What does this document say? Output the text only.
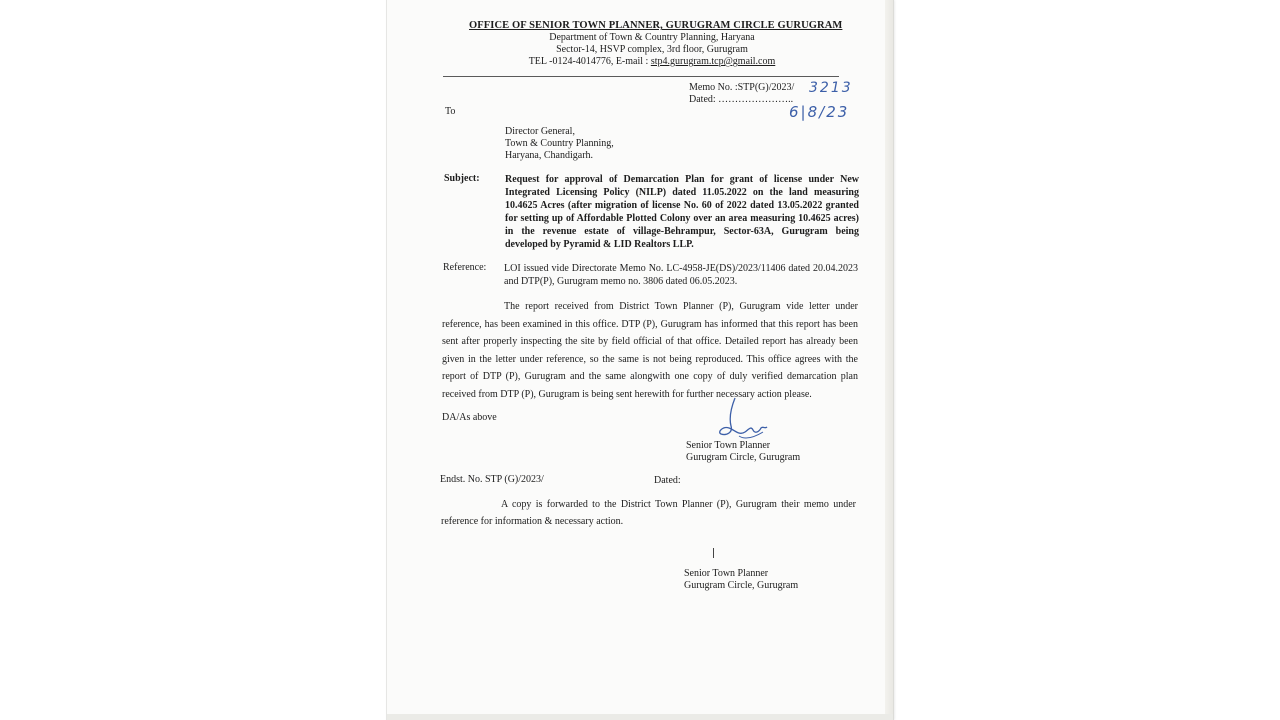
OFFICE OF SENIOR TOWN PLANNER, GURUGRAM CIRCLE GURUGRAM
Department of Town & Country Planning, Haryana
Sector-14, HSVP complex, 3rd floor, Gurugram
TEL -0124-4014776, E-mail : stp4.gurugram.tcp@gmail.com
Memo No. :STP(G)/2023/ 3213
Dated: …………………..
6|8/23
To
Director General,
Town & Country Planning,
Haryana, Chandigarh.
Subject:	Request for approval of Demarcation Plan for grant of license under New Integrated Licensing Policy (NILP) dated 11.05.2022 on the land measuring 10.4625 Acres (after migration of license No. 60 of 2022 dated 13.05.2022 granted for setting up of Affordable Plotted Colony over an area measuring 10.4625 acres) in the revenue estate of village-Behrampur, Sector-63A, Gurugram being developed by Pyramid & LID Realtors LLP.
Reference: LOI issued vide Directorate Memo No. LC-4958-JE(DS)/2023/11406 dated 20.04.2023 and DTP(P), Gurugram memo no. 3806 dated 06.05.2023.
The report received from District Town Planner (P), Gurugram vide letter under reference, has been examined in this office. DTP (P), Gurugram has informed that this report has been sent after properly inspecting the site by field official of that office. Detailed report has already been given in the letter under reference, so the same is not being reproduced. This office agrees with the report of DTP (P), Gurugram and the same alongwith one copy of duly verified demarcation plan received from DTP (P), Gurugram is being sent herewith for further necessary action please.
DA/As above
Senior Town Planner
Gurugram Circle, Gurugram
Endst. No. STP (G)/2023/	Dated:
A copy is forwarded to the District Town Planner (P), Gurugram their memo under reference for information & necessary action.
Senior Town Planner
Gurugram Circle, Gurugram
